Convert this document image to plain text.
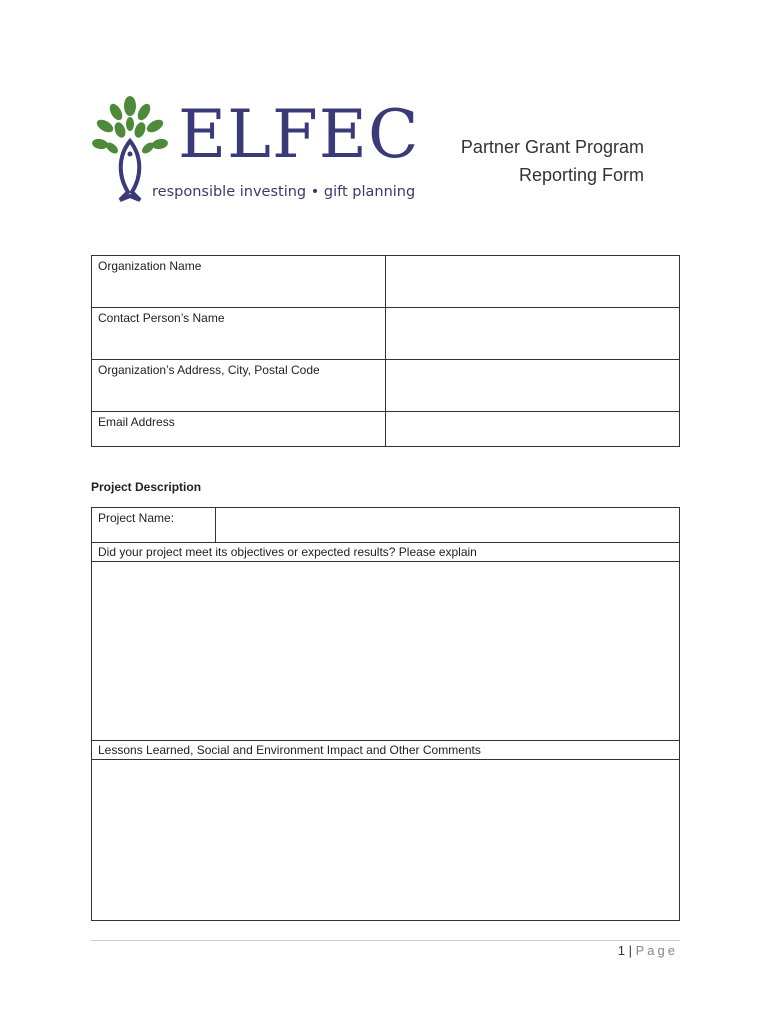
ELFEC
responsible investing • gift planning
Partner Grant Program
Reporting Form
Organization Name	
Contact Person’s Name	
Organization’s Address, City, Postal Code	
Email Address	
Project Description
Project Name:	
Did your project meet its objectives or expected results? Please explain

Lessons Learned, Social and Environment Impact and Other Comments

1 | Page
